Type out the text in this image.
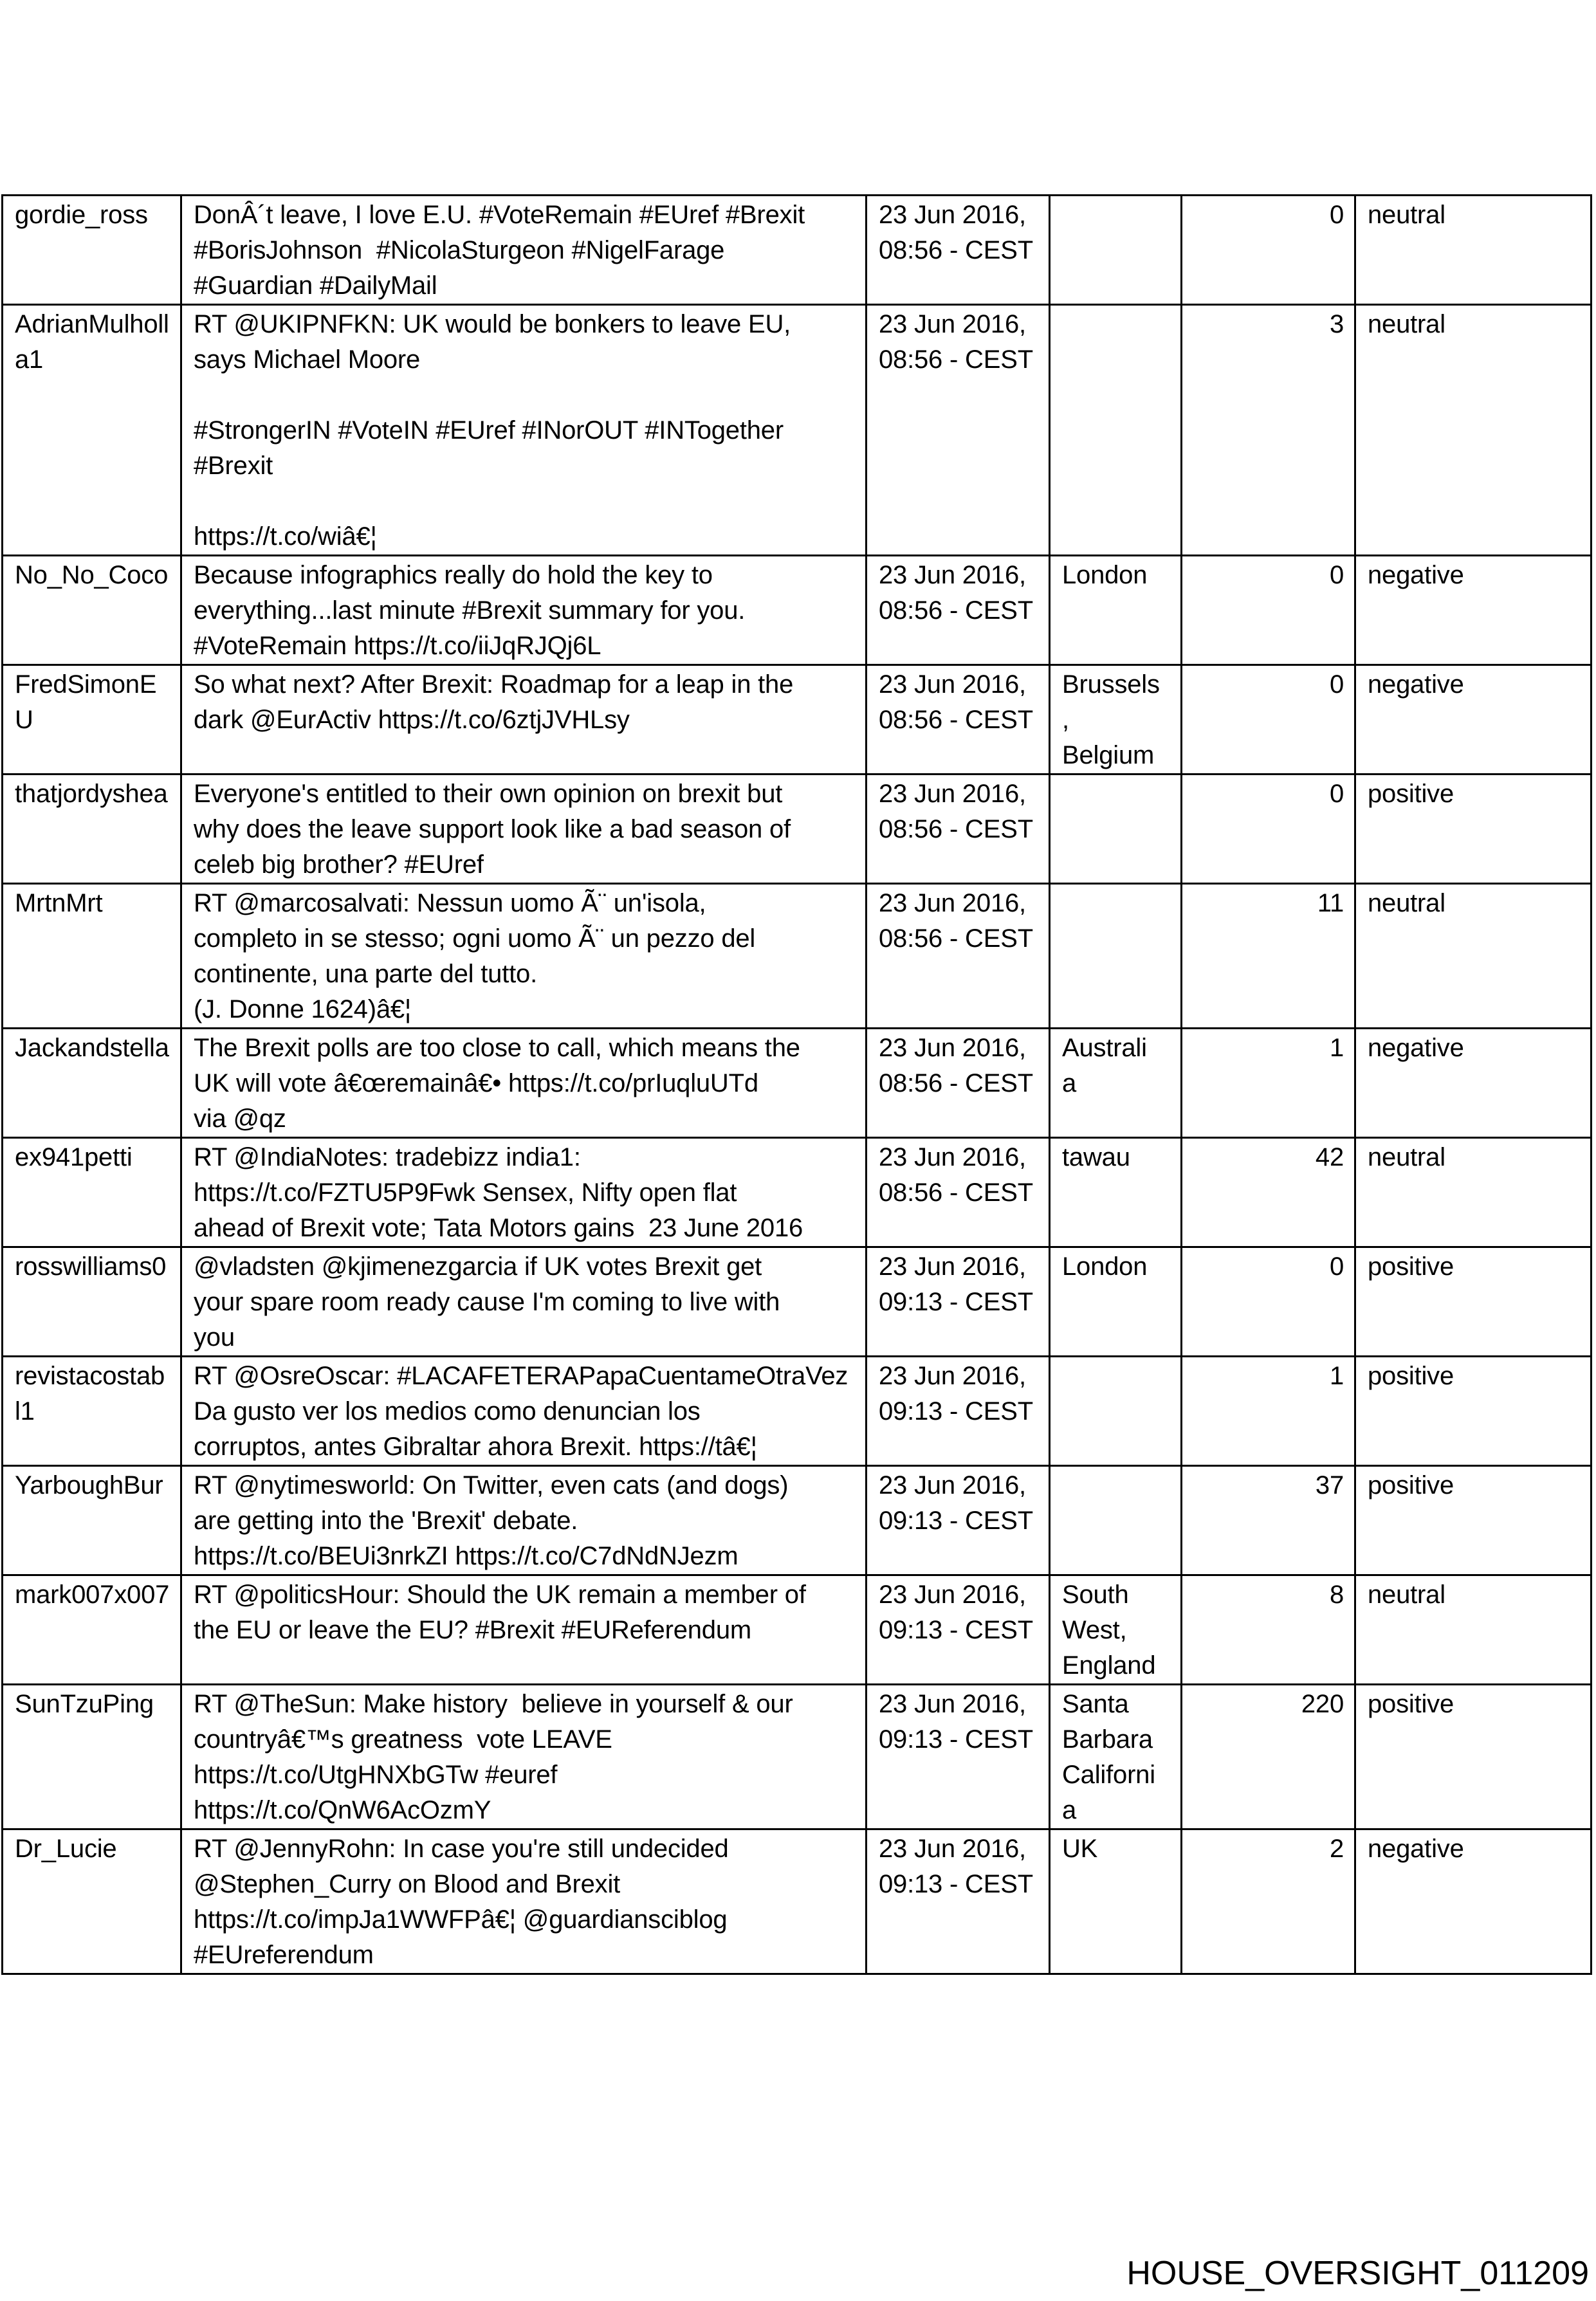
gordie_ross	DonÂ´t leave, I love E.U. #VoteRemain #EUref #Brexit
#BorisJohnson  #NicolaSturgeon #NigelFarage
#Guardian #DailyMail	23 Jun 2016,
08:56 - CEST		0	neutral
AdrianMulholla1	RT @UKIPNFKN: UK would be bonkers to leave EU,
says Michael Moore

#StrongerIN #VoteIN #EUref #INorOUT #INTogether
#Brexit

https://t.co/wiâ€¦	23 Jun 2016,
08:56 - CEST		3	neutral
No_No_Coco	Because infographics really do hold the key to
everything...last minute #Brexit summary for you.
#VoteRemain https://t.co/iiJqRJQj6L	23 Jun 2016,
08:56 - CEST	London	0	negative
FredSimonEU	So what next? After Brexit: Roadmap for a leap in the
dark @EurActiv https://t.co/6ztjJVHLsy	23 Jun 2016,
08:56 - CEST	Brussels
,
Belgium	0	negative
thatjordyshea	Everyone's entitled to their own opinion on brexit but
why does the leave support look like a bad season of
celeb big brother? #EUref	23 Jun 2016,
08:56 - CEST		0	positive
MrtnMrt	RT @marcosalvati: Nessun uomo Ã¨ un'isola,
completo in se stesso; ogni uomo Ã¨ un pezzo del
continente, una parte del tutto.
(J. Donne 1624)â€¦	23 Jun 2016,
08:56 - CEST		11	neutral
Jackandstella	The Brexit polls are too close to call, which means the
UK will vote â€œremainâ€• https://t.co/prIuqluUTd
via @qz	23 Jun 2016,
08:56 - CEST	Australi
a	1	negative
ex941petti	RT @IndiaNotes: tradebizz india1:
https://t.co/FZTU5P9Fwk Sensex, Nifty open flat
ahead of Brexit vote; Tata Motors gains  23 June 2016	23 Jun 2016,
08:56 - CEST	tawau	42	neutral
rosswilliams0	@vladsten @kjimenezgarcia if UK votes Brexit get
your spare room ready cause I'm coming to live with
you	23 Jun 2016,
09:13 - CEST	London	0	positive
revistacostabl1	RT @OsreOscar: #LACAFETERAPapaCuentameOtraVez
Da gusto ver los medios como denuncian los
corruptos, antes Gibraltar ahora Brexit. https://tâ€¦	23 Jun 2016,
09:13 - CEST		1	positive
YarboughBur	RT @nytimesworld: On Twitter, even cats (and dogs)
are getting into the 'Brexit' debate.
https://t.co/BEUi3nrkZI https://t.co/C7dNdNJezm	23 Jun 2016,
09:13 - CEST		37	positive
mark007x007	RT @politicsHour: Should the UK remain a member of
the EU or leave the EU? #Brexit #EUReferendum	23 Jun 2016,
09:13 - CEST	South
West,
England	8	neutral
SunTzuPing	RT @TheSun: Make history  believe in yourself & our
countryâ€™s greatness  vote LEAVE
https://t.co/UtgHNXbGTw #euref
https://t.co/QnW6AcOzmY	23 Jun 2016,
09:13 - CEST	Santa
Barbara
Californi
a	220	positive
Dr_Lucie	RT @JennyRohn: In case you're still undecided
@Stephen_Curry on Blood and Brexit
https://t.co/impJa1WWFPâ€¦ @guardiansciblog
#EUreferendum	23 Jun 2016,
09:13 - CEST	UK	2	negative
HOUSE_OVERSIGHT_011209
